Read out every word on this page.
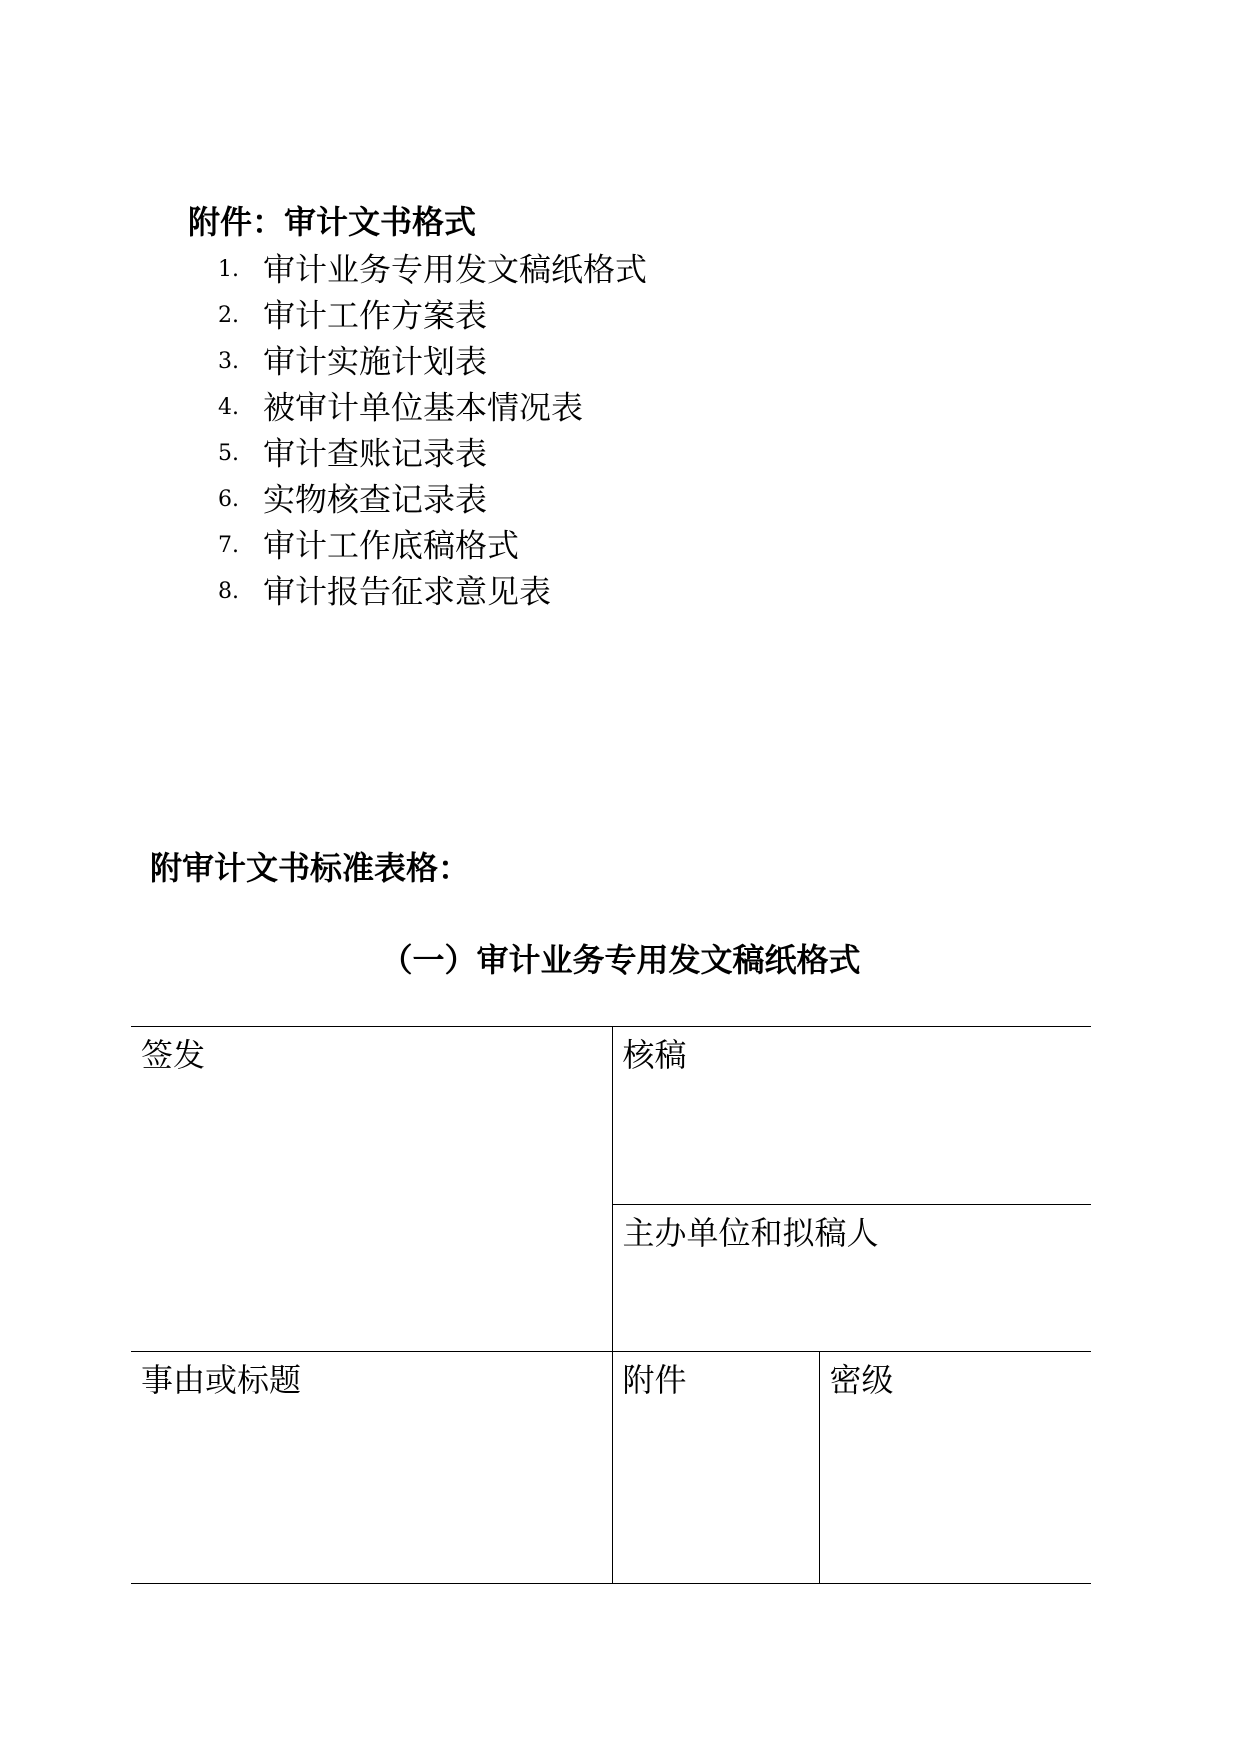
附件：审计文书格式
1. 审计业务专用发文稿纸格式
2. 审计工作方案表
3. 审计实施计划表
4. 被审计单位基本情况表
5. 审计查账记录表
6. 实物核查记录表
7. 审计工作底稿格式
8. 审计报告征求意见表
附审计文书标准表格：
（一）审计业务专用发文稿纸格式
签发	核稿	
	主办单位和拟稿人	
事由或标题	附件	密级
